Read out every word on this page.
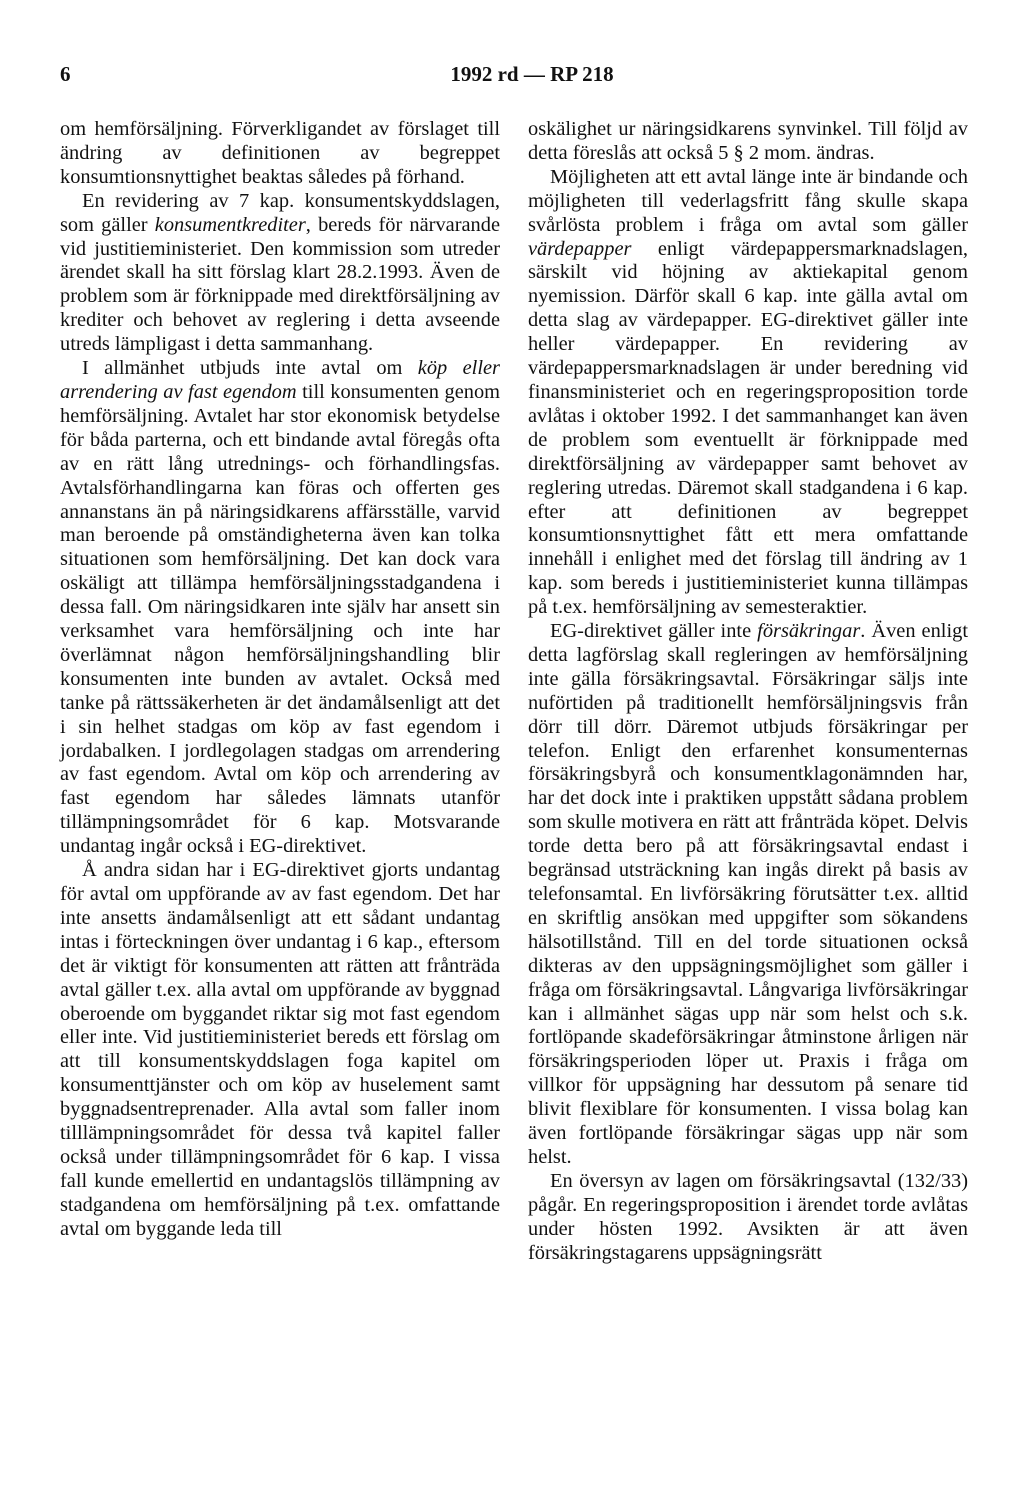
6	1992 rd — RP 218

om hemförsäljning. Förverkligandet av förslaget till ändring av definitionen av begreppet konsumtionsnyttighet beaktas således på förhand.

En revidering av 7 kap. konsumentskyddslagen, som gäller konsumentkrediter, bereds för närvarande vid justitieministeriet. Den kommission som utreder ärendet skall ha sitt förslag klart 28.2.1993. Även de problem som är förknippade med direktförsäljning av krediter och behovet av reglering i detta avseende utreds lämpligast i detta sammanhang.

I allmänhet utbjuds inte avtal om köp eller arrendering av fast egendom till konsumenten genom hemförsäljning. Avtalet har stor ekonomisk betydelse för båda parterna, och ett bindande avtal föregås ofta av en rätt lång utrednings- och förhandlingsfas. Avtalsförhandlingarna kan föras och offerten ges annanstans än på näringsidkarens affärsställe, varvid man beroende på omständigheterna även kan tolka situationen som hemförsäljning. Det kan dock vara oskäligt att tillämpa hemförsäljningsstadgandena i dessa fall. Om näringsidkaren inte själv har ansett sin verksamhet vara hemförsäljning och inte har överlämnat någon hemförsäljningshandling blir konsumenten inte bunden av avtalet. Också med tanke på rättssäkerheten är det ändamålsenligt att det i sin helhet stadgas om köp av fast egendom i jordabalken. I jordlegolagen stadgas om arrendering av fast egendom. Avtal om köp och arrendering av fast egendom har således lämnats utanför tillämpningsområdet för 6 kap. Motsvarande undantag ingår också i EG-direktivet.

Å andra sidan har i EG-direktivet gjorts undantag för avtal om uppförande av av fast egendom. Det har inte ansetts ändamålsenligt att ett sådant undantag intas i förteckningen över undantag i 6 kap., eftersom det är viktigt för konsumenten att rätten att frånträda avtal gäller t.ex. alla avtal om uppförande av byggnad oberoende om byggandet riktar sig mot fast egendom eller inte. Vid justitieministeriet bereds ett förslag om att till konsumentskyddslagen foga kapitel om konsumenttjänster och om köp av huselement samt byggnadsentreprenader. Alla avtal som faller inom tilllämpningsområdet för dessa två kapitel faller också under tillämpningsområdet för 6 kap. I vissa fall kunde emellertid en undantagslös tillämpning av stadgandena om hemförsäljning på t.ex. omfattande avtal om byggande leda till

oskälighet ur näringsidkarens synvinkel. Till följd av detta föreslås att också 5 § 2 mom. ändras.

Möjligheten att ett avtal länge inte är bindande och möjligheten till vederlagsfritt fång skulle skapa svårlösta problem i fråga om avtal som gäller värdepapper enligt värdepappersmarknadslagen, särskilt vid höjning av aktiekapital genom nyemission. Därför skall 6 kap. inte gälla avtal om detta slag av värdepapper. EG-direktivet gäller inte heller värdepapper. En revidering av värdepappersmarknadslagen är under beredning vid finansministeriet och en regeringsproposition torde avlåtas i oktober 1992. I det sammanhanget kan även de problem som eventuellt är förknippade med direktförsäljning av värdepapper samt behovet av reglering utredas. Däremot skall stadgandena i 6 kap. efter att definitionen av begreppet konsumtionsnyttighet fått ett mera omfattande innehåll i enlighet med det förslag till ändring av 1 kap. som bereds i justitieministeriet kunna tillämpas på t.ex. hemförsäljning av semesteraktier.

EG-direktivet gäller inte försäkringar. Även enligt detta lagförslag skall regleringen av hemförsäljning inte gälla försäkringsavtal. Försäkringar säljs inte nuförtiden på traditionellt hemförsäljningsvis från dörr till dörr. Däremot utbjuds försäkringar per telefon. Enligt den erfarenhet konsumenternas försäkringsbyrå och konsumentklagonämnden har, har det dock inte i praktiken uppstått sådana problem som skulle motivera en rätt att frånträda köpet. Delvis torde detta bero på att försäkringsavtal endast i begränsad utsträckning kan ingås direkt på basis av telefonsamtal. En livförsäkring förutsätter t.ex. alltid en skriftlig ansökan med uppgifter som sökandens hälsotillstånd. Till en del torde situationen också dikteras av den uppsägningsmöjlighet som gäller i fråga om försäkringsavtal. Långvariga livförsäkringar kan i allmänhet sägas upp när som helst och s.k. fortlöpande skadeförsäkringar åtminstone årligen när försäkringsperioden löper ut. Praxis i fråga om villkor för uppsägning har dessutom på senare tid blivit flexiblare för konsumenten. I vissa bolag kan även fortlöpande försäkringar sägas upp när som helst.

En översyn av lagen om försäkringsavtal (132/33) pågår. En regeringsproposition i ärendet torde avlåtas under hösten 1992. Avsikten är att även försäkringstagarens uppsägningsrätt
